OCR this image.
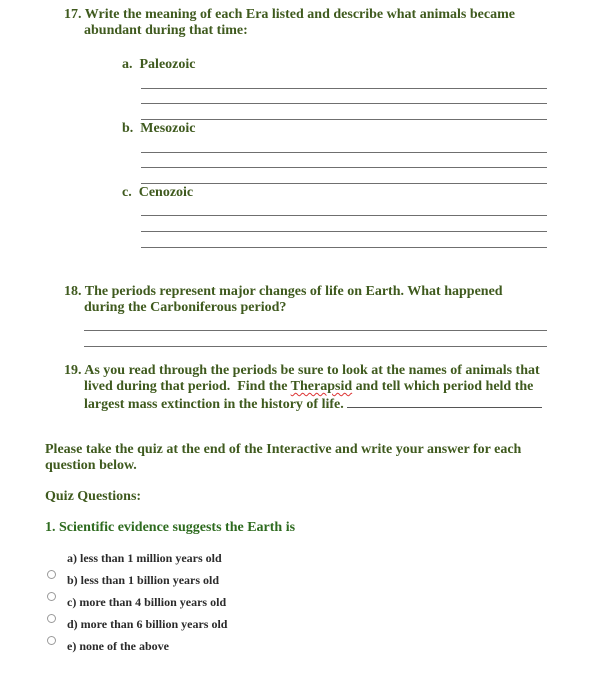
17. Write the meaning of each Era listed and describe what animals became
abundant during that time:
a. Paleozoic
b. Mesozoic
c. Cenozoic
18. The periods represent major changes of life on Earth. What happened
during the Carboniferous period?
19. As you read through the periods be sure to look at the names of animals that
lived during that period.  Find the Therapsid and tell which period held the
largest mass extinction in the history of life.
Please take the quiz at the end of the Interactive and write your answer for each
question below.
Quiz Questions:
1. Scientific evidence suggests the Earth is
a) less than 1 million years old
b) less than 1 billion years old
c) more than 4 billion years old
d) more than 6 billion years old
e) none of the above
